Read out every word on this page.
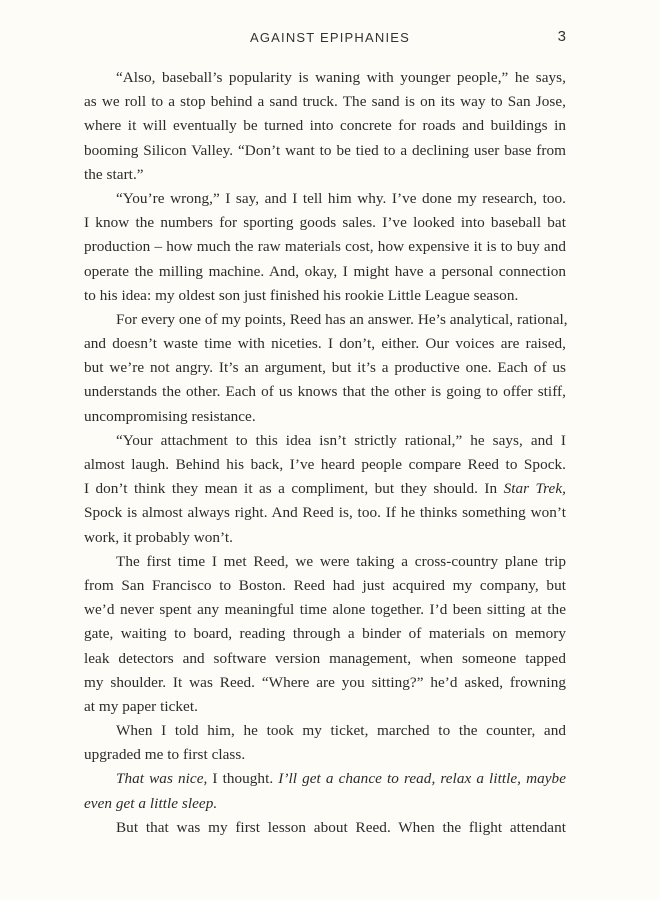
AGAINST EPIPHANIES	3
“Also, baseball’s popularity is waning with younger people,” he says,
as we roll to a stop behind a sand truck. The sand is on its way to San Jose,
where it will eventually be turned into concrete for roads and buildings in
booming Silicon Valley. “Don’t want to be tied to a declining user base from
the start.”
“You’re wrong,” I say, and I tell him why. I’ve done my research, too.
I know the numbers for sporting goods sales. I’ve looked into baseball bat
production – how much the raw materials cost, how expensive it is to buy and
operate the milling machine. And, okay, I might have a personal connection
to his idea: my oldest son just finished his rookie Little League season.
For every one of my points, Reed has an answer. He’s analytical, rational,
and doesn’t waste time with niceties. I don’t, either. Our voices are raised,
but we’re not angry. It’s an argument, but it’s a productive one. Each of us
understands the other. Each of us knows that the other is going to offer stiff,
uncompromising resistance.
“Your attachment to this idea isn’t strictly rational,” he says, and I
almost laugh. Behind his back, I’ve heard people compare Reed to Spock.
I don’t think they mean it as a compliment, but they should. In Star Trek,
Spock is almost always right. And Reed is, too. If he thinks something won’t
work, it probably won’t.
The first time I met Reed, we were taking a cross-country plane trip
from San Francisco to Boston. Reed had just acquired my company, but
we’d never spent any meaningful time alone together. I’d been sitting at the
gate, waiting to board, reading through a binder of materials on memory
leak detectors and software version management, when someone tapped
my shoulder. It was Reed. “Where are you sitting?” he’d asked, frowning
at my paper ticket.
When I told him, he took my ticket, marched to the counter, and
upgraded me to first class.
That was nice, I thought. I’ll get a chance to read, relax a little, maybe
even get a little sleep.
But that was my first lesson about Reed. When the flight attendant
